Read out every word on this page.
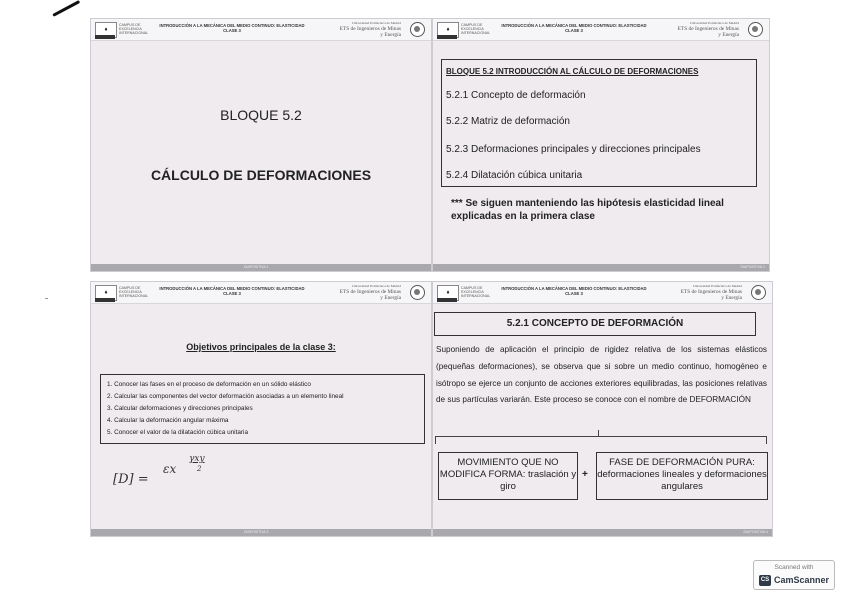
♦
CAMPUS DE EXCELENCIA INTERNACIONAL
INTRODUCCIÓN A LA MECÁNICA DEL MEDIO CONTINUO: ELASTICIDAD
CLASE 3
Universidad Politécnica de Madrid
ETS de Ingenieros de Minas
y Energía
BLOQUE 5.2
CÁLCULO DE DEFORMACIONES
DIAPOSITIVA 1
♦
CAMPUS DE EXCELENCIA INTERNACIONAL
INTRODUCCIÓN A LA MECÁNICA DEL MEDIO CONTINUO: ELASTICIDAD
CLASE 3
Universidad Politécnica de Madrid
ETS de Ingenieros de Minas
y Energía
BLOQUE 5.2 INTRODUCCIÓN AL CÁLCULO DE DEFORMACIONES
5.2.1 Concepto de deformación
5.2.2 Matriz de deformación
5.2.3 Deformaciones principales y direcciones principales
5.2.4 Dilatación cúbica unitaria
*** Se siguen manteniendo las hipótesis elasticidad lineal explicadas en la primera clase
DIAPOSITIVA 1
♦
CAMPUS DE EXCELENCIA INTERNACIONAL
INTRODUCCIÓN A LA MECÁNICA DEL MEDIO CONTINUO: ELASTICIDAD
CLASE 3
Universidad Politécnica de Madrid
ETS de Ingenieros de Minas
y Energía
Objetivos principales de la clase 3:
1. Conocer las fases en el proceso de deformación en un sólido elástico
2. Calcular las componentes del vector deformación asociadas a un elemento lineal
3. Calcular deformaciones y direcciones principales
4. Calcular la deformación angular máxima
5. Conocer el valor de la dilatación cúbica unitaria
[D] =
εx
γxy
2
DIAPOSITIVA 3
♦
CAMPUS DE EXCELENCIA INTERNACIONAL
INTRODUCCIÓN A LA MECÁNICA DEL MEDIO CONTINUO: ELASTICIDAD
CLASE 3
Universidad Politécnica de Madrid
ETS de Ingenieros de Minas
y Energía
5.2.1 CONCEPTO DE DEFORMACIÓN
Suponiendo de aplicación el principio de rigidez relativa de los sistemas elásticos (pequeñas deformaciones), se observa que si sobre un medio continuo, homogéneo e isótropo se ejerce un conjunto de acciones exteriores equilibradas, las posiciones relativas de sus partículas variarán. Este proceso se conoce con el nombre de DEFORMACIÓN
MOVIMIENTO QUE NO MODIFICA FORMA: traslación y giro
+
FASE DE DEFORMACIÓN PURA: deformaciones lineales y deformaciones angulares
DIAPOSITIVA 4
Scanned with
CS CamScanner
